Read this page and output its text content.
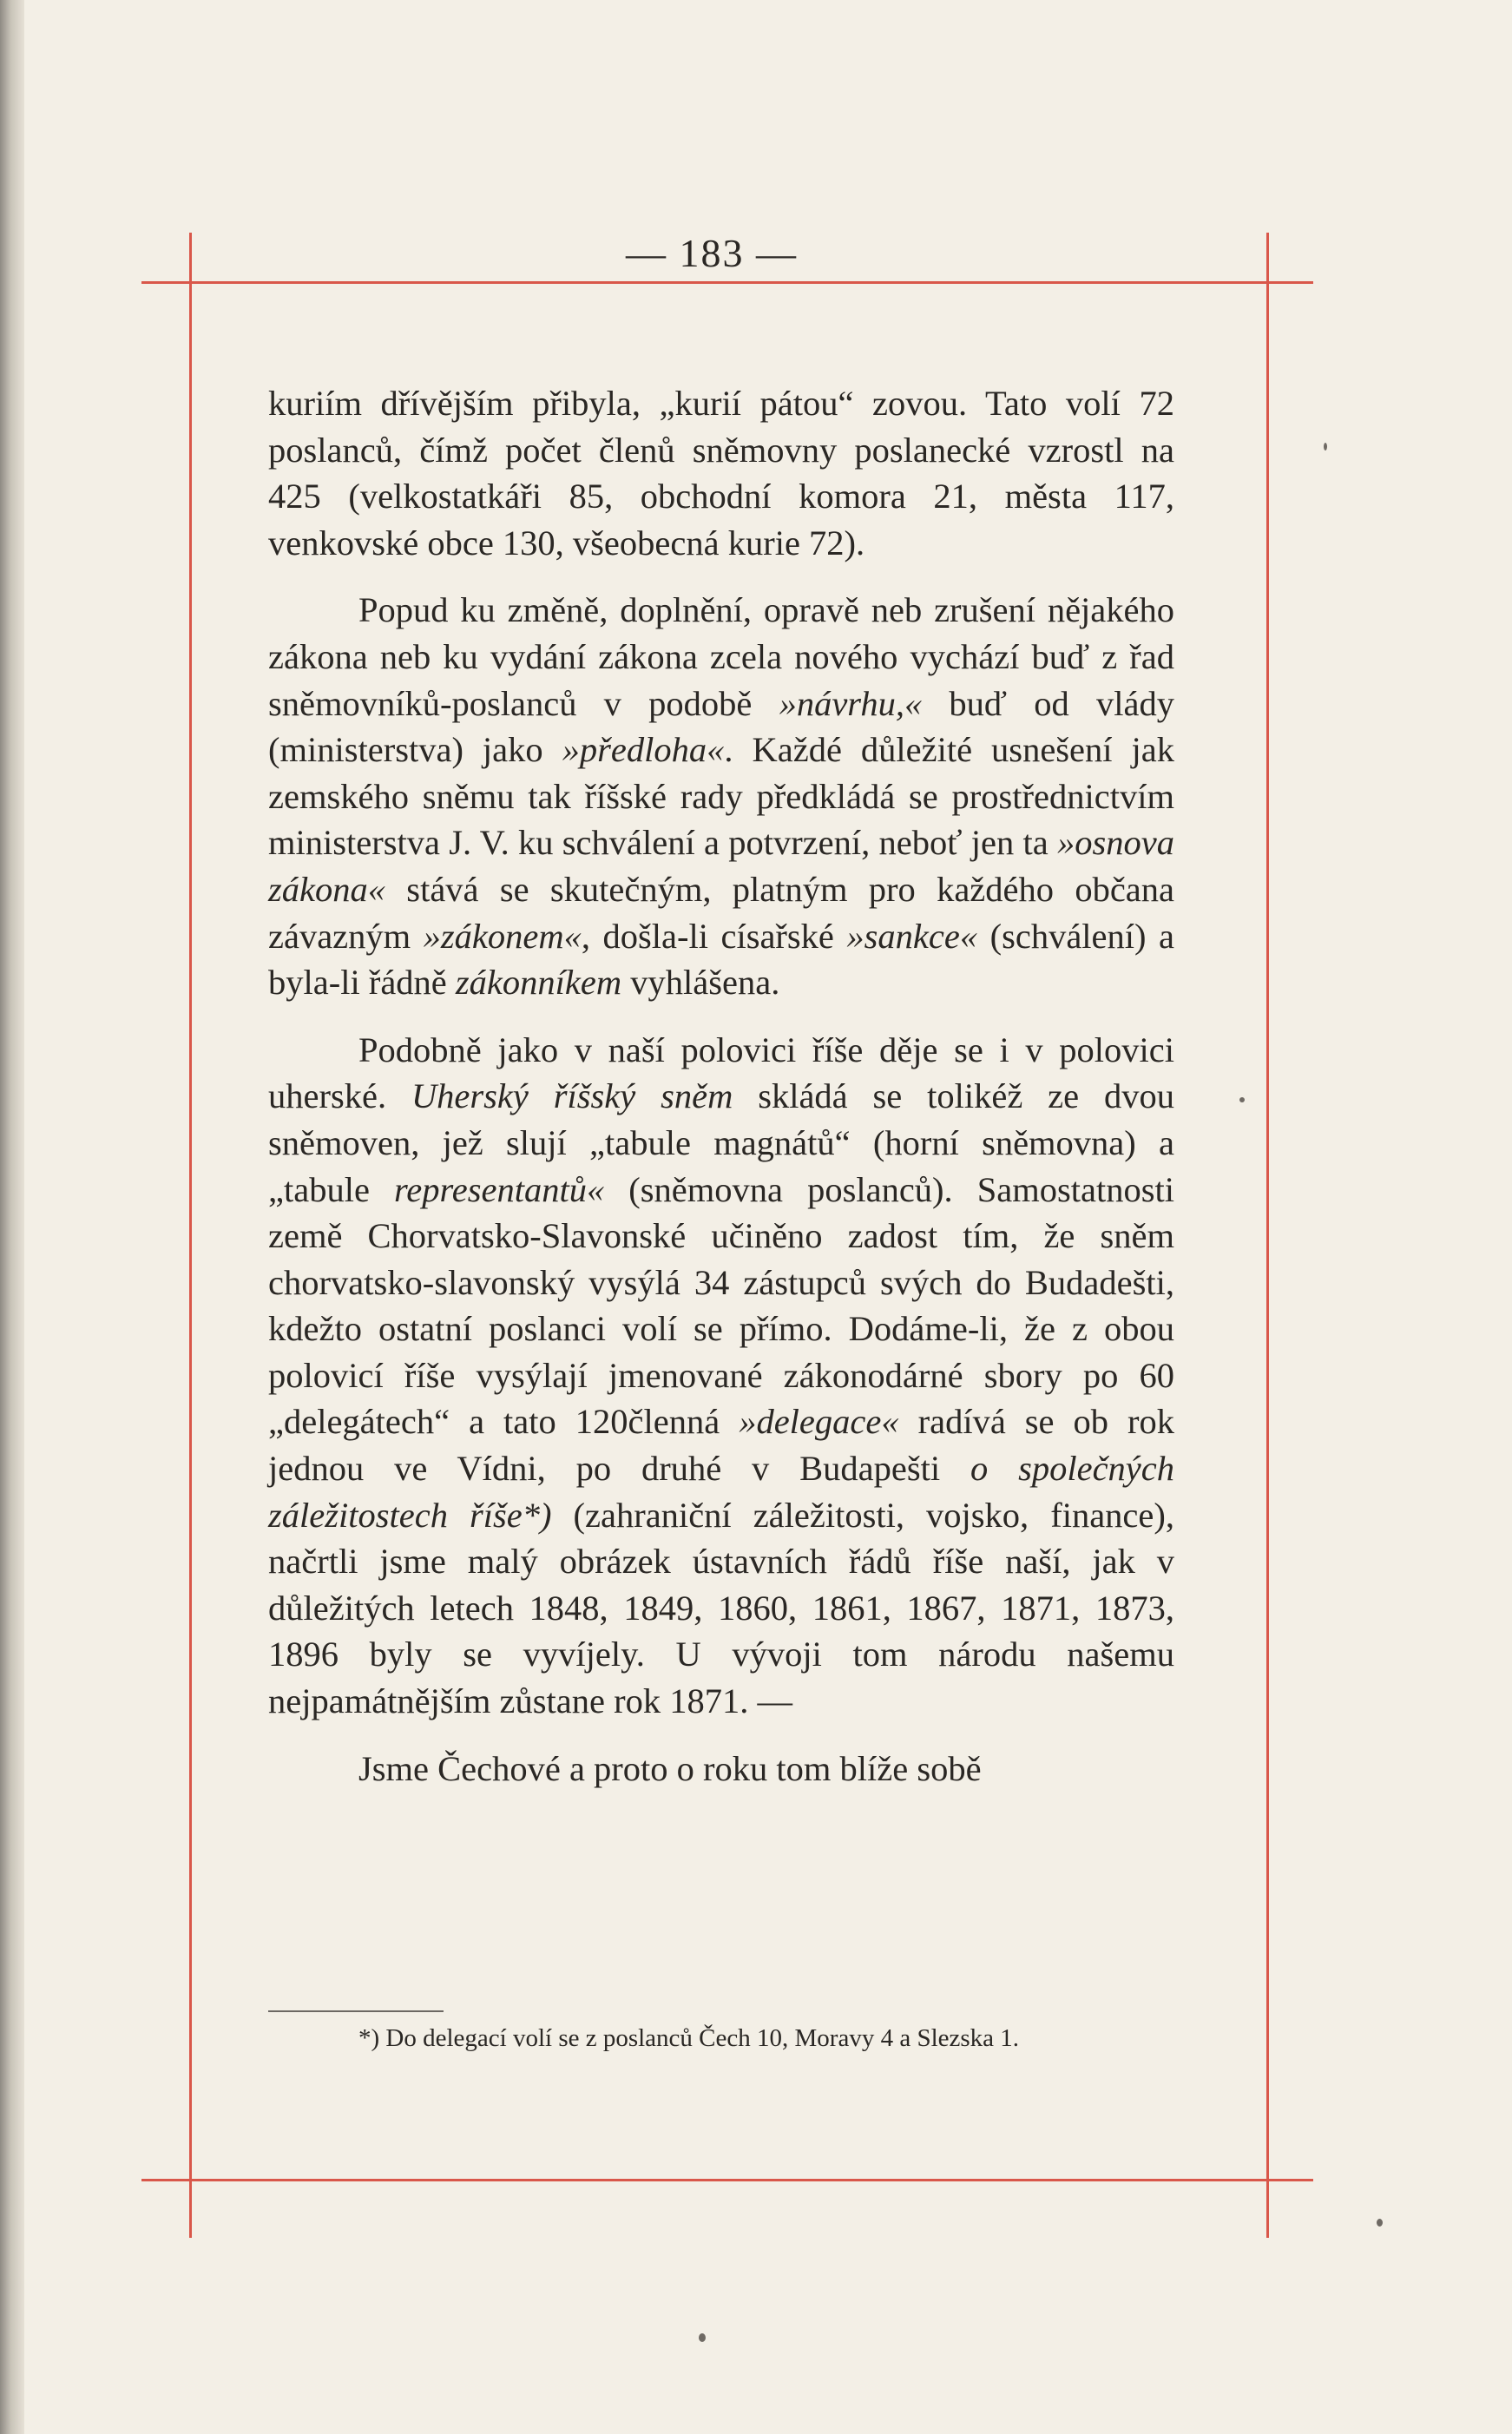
— 183 —

kuriím dřívějším přibyla, „kurií pátou“ zovou. Tato volí 72 poslanců, čímž počet členů sněmovny poslanecké vzrostl na 425 (velkostatkáři 85, obchodní komora 21, města 117, venkovské obce 130, všeobecná kurie 72).

Popud ku změně, doplnění, opravě neb zrušení nějakého zákona neb ku vydání zákona zcela nového vychází buď z řad sněmovníků-poslanců v podobě »návrhu,« buď od vlády (ministerstva) jako »předloha«. Každé důležité usnešení jak zemského sněmu tak říšské rady předkládá se prostřednictvím ministerstva J. V. ku schválení a potvrzení, neboť jen ta »osnova zákona« stává se skutečným, platným pro každého občana závazným »zákonem«, došla-li císařské »sankce« (schválení) a byla-li řádně zákonníkem vyhlášena.

Podobně jako v naší polovici říše děje se i v polovici uherské. Uherský říšský sněm skládá se tolikéž ze dvou sněmoven, jež slují „tabule magnátů“ (horní sněmovna) a „tabule representantů« (sněmovna poslanců). Samostatnosti země Chorvatsko-Slavonské učiněno zadost tím, že sněm chorvatsko-slavonský vysýlá 34 zástupců svých do Budadešti, kdežto ostatní poslanci volí se přímo. Dodáme-li, že z obou polovicí říše vysýlají jmenované zákonodárné sbory po 60 „delegátech“ a tato 120členná »delegace« radívá se ob rok jednou ve Vídni, po druhé v Budapešti o společných záležitostech říše*) (zahraniční záležitosti, vojsko, finance), načrtli jsme malý obrázek ústavních řádů říše naší, jak v důležitých letech 1848, 1849, 1860, 1861, 1867, 1871, 1873, 1896 byly se vyvíjely. U vývoji tom národu našemu nejpamátnějším zůstane rok 1871. —

Jsme Čechové a proto o roku tom blíže sobě

*) Do delegací volí se z poslanců Čech 10, Moravy 4 a Slezska 1.
